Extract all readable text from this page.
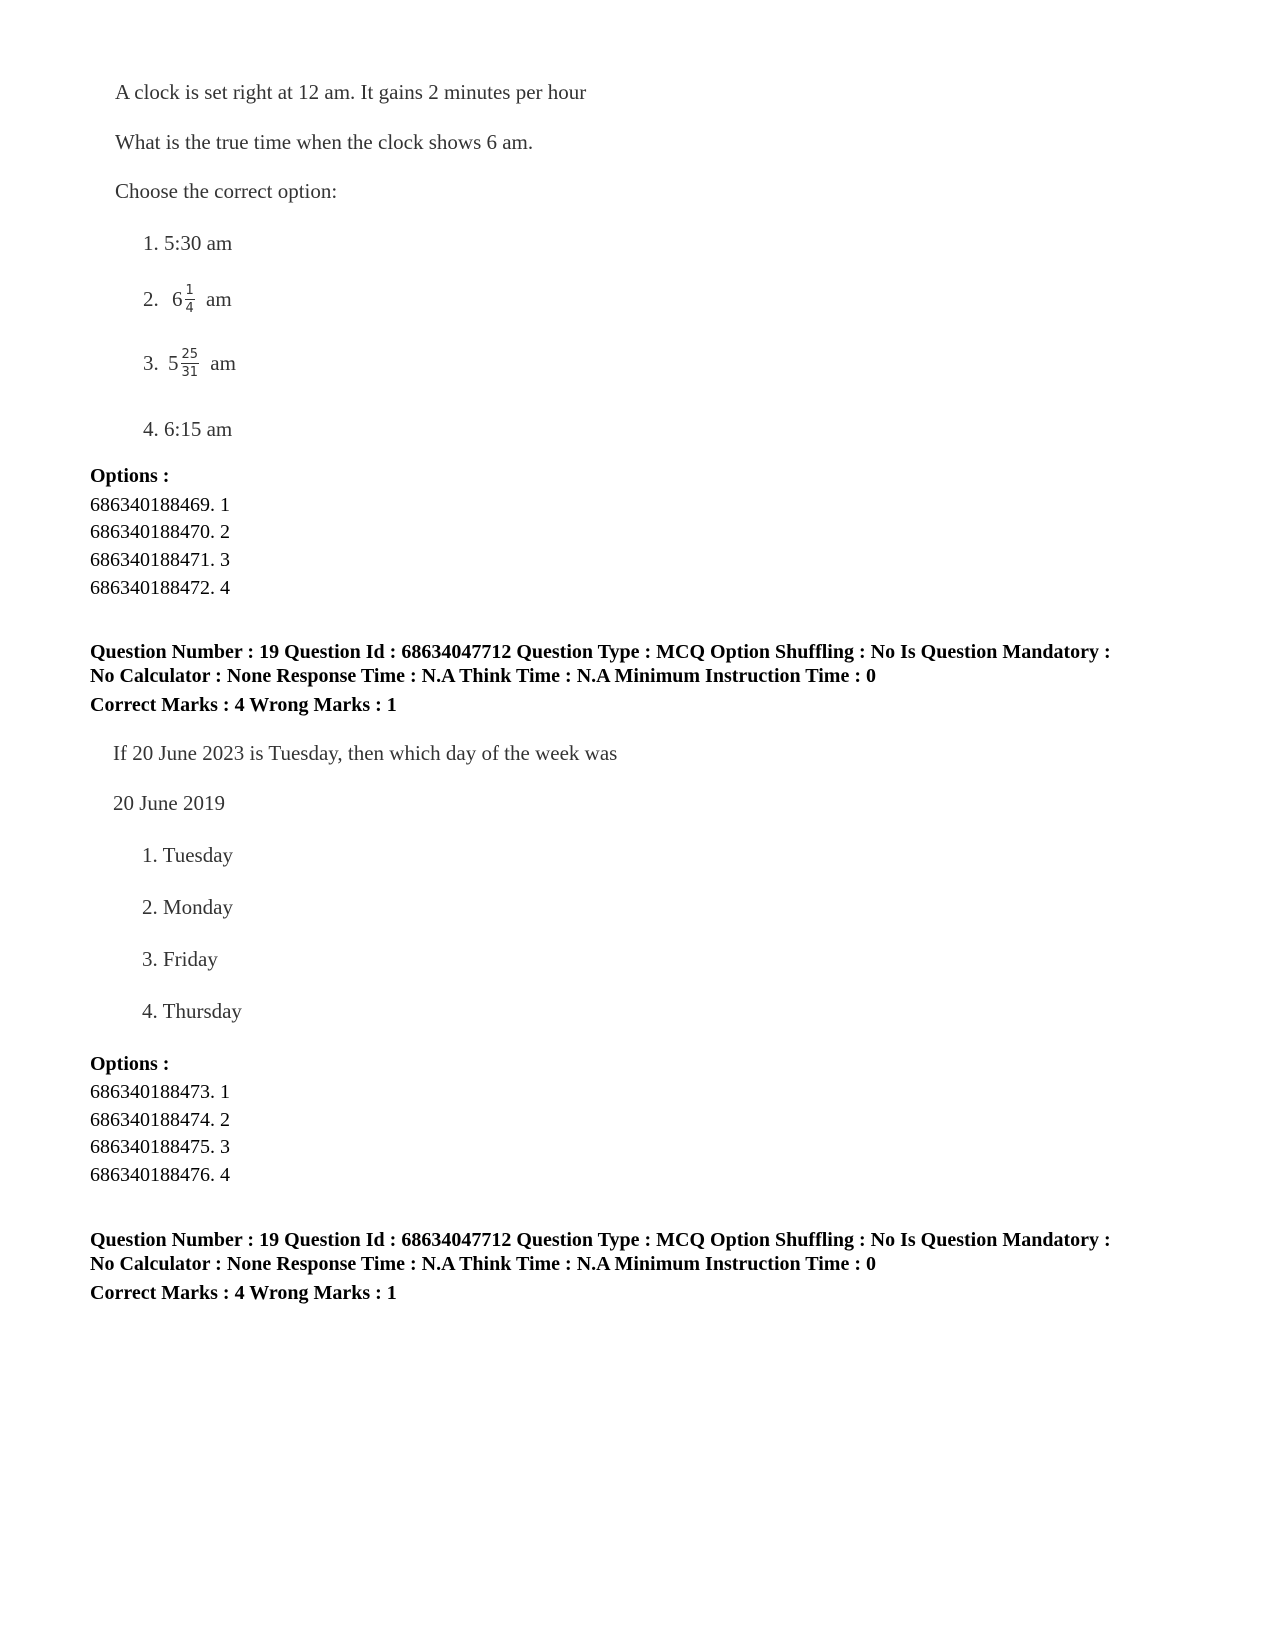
A clock is set right at 12 am. It gains 2 minutes per hour
What is the true time when the clock shows 6 am.
Choose the correct option:
1. 5:30 am
2. $6 \frac{1}{4}$ am
3. $5 \frac{25}{31}$ am
4. 6:15 am
Options :
686340188469. 1
686340188470. 2
686340188471. 3
686340188472. 4
Question Number : 19 Question Id : 68634047712 Question Type : MCQ Option Shuffling : No Is Question Mandatory :
No Calculator : None Response Time : N.A Think Time : N.A Minimum Instruction Time : 0
Correct Marks : 4 Wrong Marks : 1
If 20 June 2023 is Tuesday, then which day of the week was
20 June 2019
1. Tuesday
2. Monday
3. Friday
4. Thursday
Options :
686340188473. 1
686340188474. 2
686340188475. 3
686340188476. 4
Question Number : 19 Question Id : 68634047712 Question Type : MCQ Option Shuffling : No Is Question Mandatory :
No Calculator : None Response Time : N.A Think Time : N.A Minimum Instruction Time : 0
Correct Marks : 4 Wrong Marks : 1
